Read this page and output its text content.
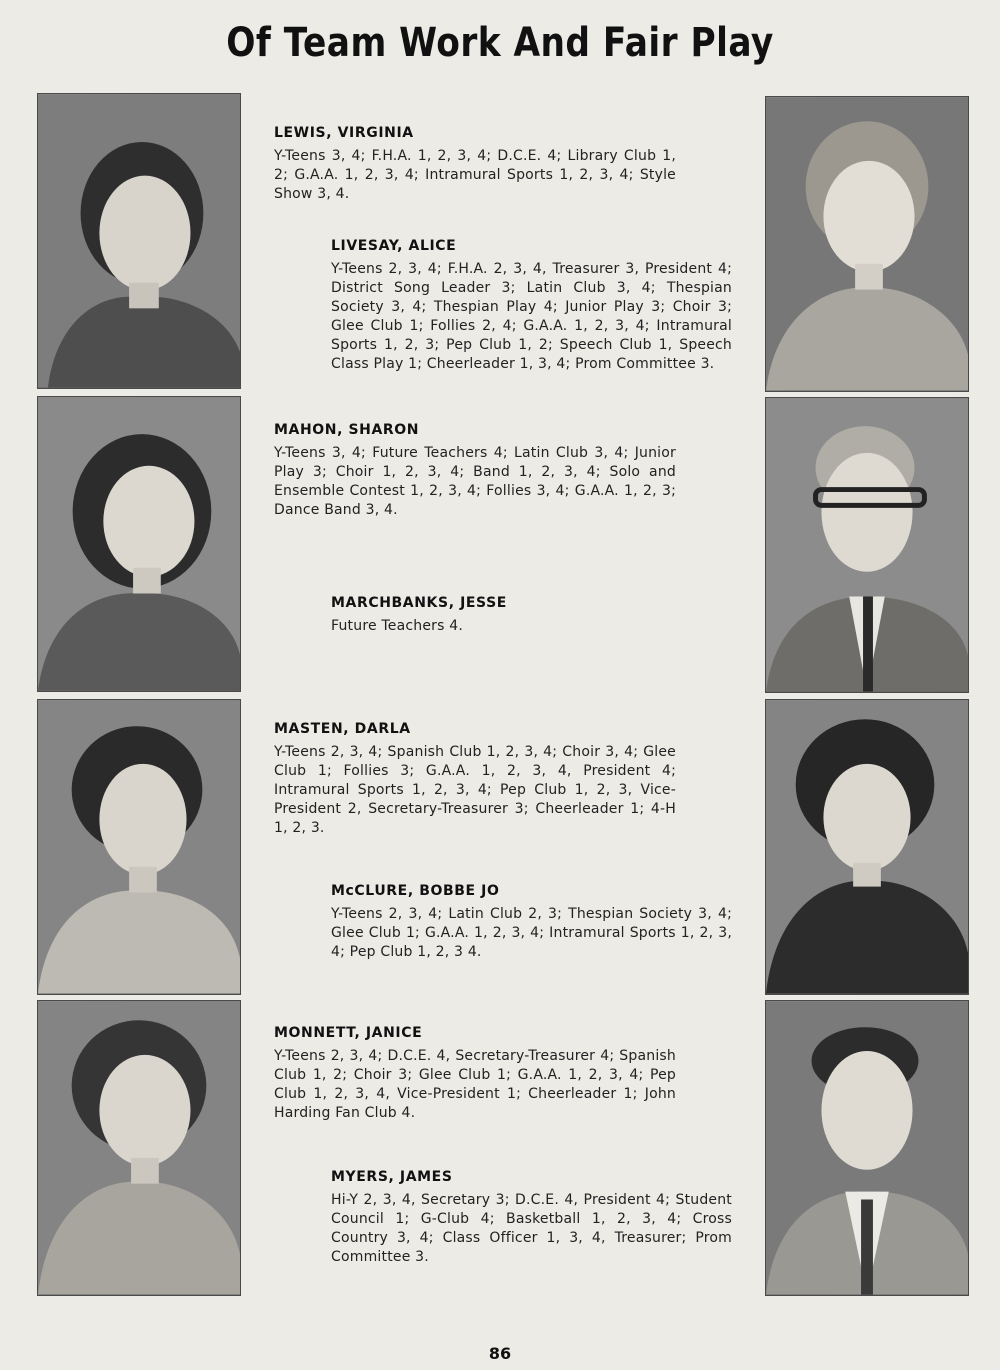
Of Team Work And Fair Play
LEWIS, VIRGINIA
Y-Teens 3, 4; F.H.A. 1, 2, 3, 4; D.C.E. 4; Library Club 1, 2; G.A.A. 1, 2, 3, 4; Intramural Sports 1, 2, 3, 4; Style Show 3, 4.
LIVESAY, ALICE
Y-Teens 2, 3, 4; F.H.A. 2, 3, 4, Treasurer 3, President 4; District Song Leader 3; Latin Club 3, 4; Thespian Society 3, 4; Thespian Play 4; Junior Play 3; Choir 3; Glee Club 1; Follies 2, 4; G.A.A. 1, 2, 3, 4; Intramural Sports 1, 2, 3; Pep Club 1, 2; Speech Club 1, Speech Class Play 1; Cheerleader 1, 3, 4; Prom Committee 3.
MAHON, SHARON
Y-Teens 3, 4; Future Teachers 4; Latin Club 3, 4; Junior Play 3; Choir 1, 2, 3, 4; Band 1, 2, 3, 4; Solo and Ensemble Contest 1, 2, 3, 4; Follies 3, 4; G.A.A. 1, 2, 3; Dance Band 3, 4.
MARCHBANKS, JESSE
Future Teachers 4.
MASTEN, DARLA
Y-Teens 2, 3, 4; Spanish Club 1, 2, 3, 4; Choir 3, 4; Glee Club 1; Follies 3; G.A.A. 1, 2, 3, 4, President 4; Intramural Sports 1, 2, 3, 4; Pep Club 1, 2, 3, Vice-President 2, Secretary-Treasurer 3; Cheerleader 1; 4-H 1, 2, 3.
McCLURE, BOBBE JO
Y-Teens 2, 3, 4; Latin Club 2, 3; Thespian Society 3, 4; Glee Club 1; G.A.A. 1, 2, 3, 4; Intramural Sports 1, 2, 3, 4; Pep Club 1, 2, 3 4.
MONNETT, JANICE
Y-Teens 2, 3, 4; D.C.E. 4, Secretary-Treasurer 4; Spanish Club 1, 2; Choir 3; Glee Club 1; G.A.A. 1, 2, 3, 4; Pep Club 1, 2, 3, 4, Vice-President 1; Cheerleader 1; John Harding Fan Club 4.
MYERS, JAMES
Hi-Y 2, 3, 4, Secretary 3; D.C.E. 4, President 4; Student Council 1; G-Club 4; Basketball 1, 2, 3, 4; Cross Country 3, 4; Class Officer 1, 3, 4, Treasurer; Prom Committee 3.
86
